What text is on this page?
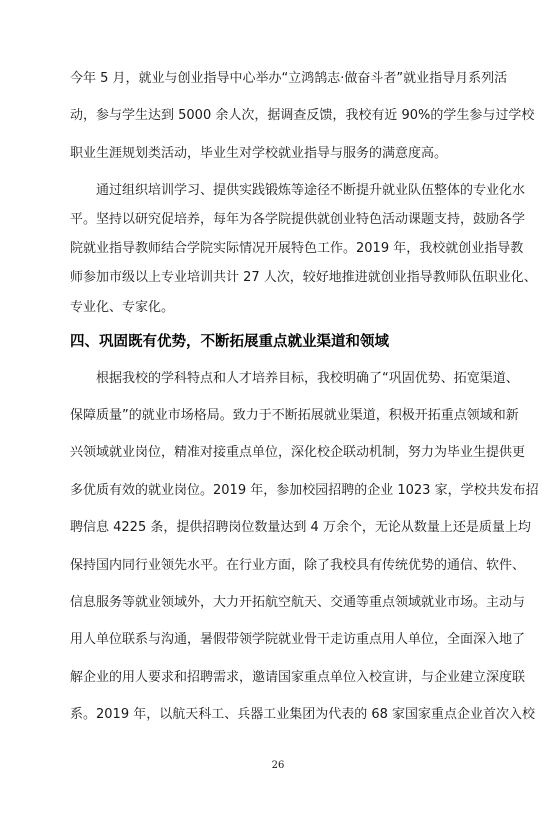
今年 5 月，就业与创业指导中心举办“立鸿鹄志·做奋斗者”就业指导月系列活
动，参与学生达到 5000 余人次，据调查反馈，我校有近 90%的学生参与过学校
职业生涯规划类活动，毕业生对学校就业指导与服务的满意度高。
通过组织培训学习、提供实践锻炼等途径不断提升就业队伍整体的专业化水
平。坚持以研究促培养，每年为各学院提供就创业特色活动课题支持，鼓励各学
院就业指导教师结合学院实际情况开展特色工作。2019 年，我校就创业指导教
师参加市级以上专业培训共计 27 人次，较好地推进就创业指导教师队伍职业化、
专业化、专家化。
四、巩固既有优势，不断拓展重点就业渠道和领域
根据我校的学科特点和人才培养目标，我校明确了“巩固优势、拓宽渠道、
保障质量”的就业市场格局。致力于不断拓展就业渠道，积极开拓重点领域和新
兴领域就业岗位，精准对接重点单位，深化校企联动机制，努力为毕业生提供更
多优质有效的就业岗位。2019 年，参加校园招聘的企业 1023 家，学校共发布招
聘信息 4225 条，提供招聘岗位数量达到 4 万余个，无论从数量上还是质量上均
保持国内同行业领先水平。在行业方面，除了我校具有传统优势的通信、软件、
信息服务等就业领域外，大力开拓航空航天、交通等重点领域就业市场。主动与
用人单位联系与沟通，暑假带领学院就业骨干走访重点用人单位，全面深入地了
解企业的用人要求和招聘需求，邀请国家重点单位入校宣讲，与企业建立深度联
系。2019 年，以航天科工、兵器工业集团为代表的 68 家国家重点企业首次入校
26
